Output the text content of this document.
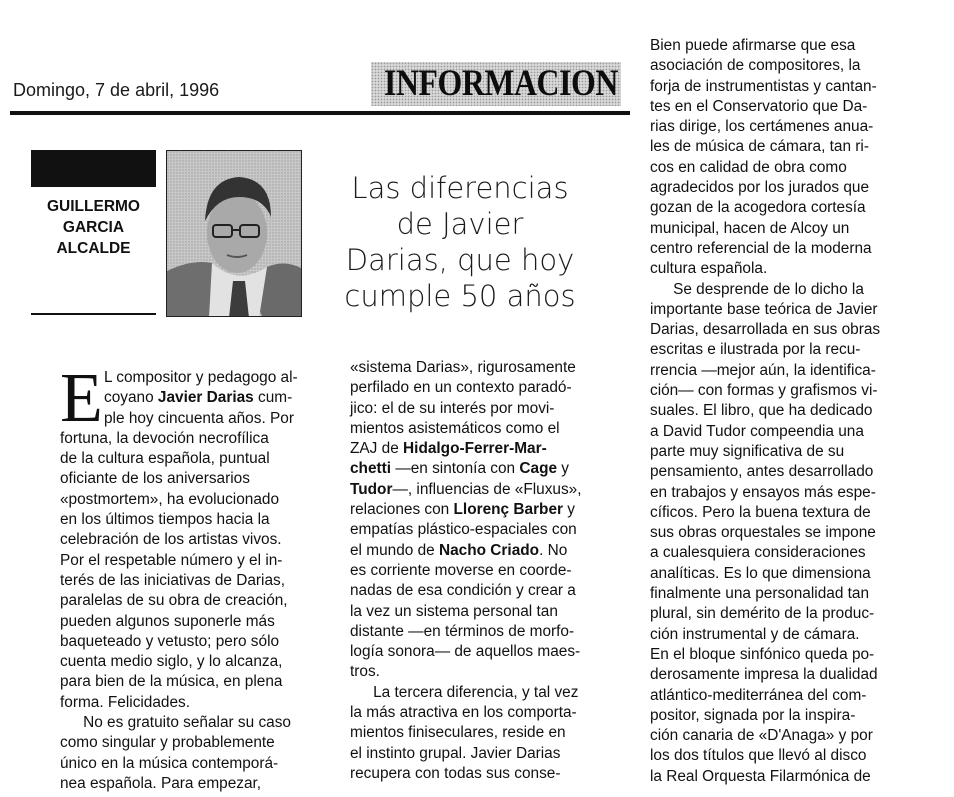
Domingo, 7 de abril, 1996	INFORMACION
GUILLERMO
GARCIA
ALCALDE
Las diferencias
de Javier
Darias, que hoy
cumple 50 años
E L compositor y pedagogo al-
coyano Javier Darias cum-
ple hoy cincuenta años. Por
fortuna, la devoción necrofílica
de la cultura española, puntual
oficiante de los aniversarios
«postmortem», ha evolucionado
en los últimos tiempos hacia la
celebración de los artistas vivos.
Por el respetable número y el in-
terés de las iniciativas de Darias,
paralelas de su obra de creación,
pueden algunos suponerle más
baqueteado y vetusto; pero sólo
cuenta medio siglo, y lo alcanza,
para bien de la música, en plena
forma. Felicidades.
  No es gratuito señalar su caso
como singular y probablemente
único en la música contemporá-
nea española. Para empezar,
«sistema Darias», rigurosamente
perfilado en un contexto paradó-
jico: el de su interés por movi-
mientos asistemáticos como el
ZAJ de Hidalgo-Ferrer-Mar-
chetti —en sintonía con Cage y
Tudor—, influencias de «Fluxus»,
relaciones con Llorenç Barber y
empatías plástico-espaciales con
el mundo de Nacho Criado. No
es corriente moverse en coorde-
nadas de esa condición y crear a
la vez un sistema personal tan
distante —en términos de morfo-
logía sonora— de aquellos maes-
tros.
  La tercera diferencia, y tal vez
la más atractiva en los comporta-
mientos finiseculares, reside en
el instinto grupal. Javier Darias
recupera con todas sus conse-
Bien puede afirmarse que esa
asociación de compositores, la
forja de instrumentistas y cantan-
tes en el Conservatorio que Da-
rias dirige, los certámenes anua-
les de música de cámara, tan ri-
cos en calidad de obra como
agradecidos por los jurados que
gozan de la acogedora cortesía
municipal, hacen de Alcoy un
centro referencial de la moderna
cultura española.
  Se desprende de lo dicho la
importante base teórica de Javier
Darias, desarrollada en sus obras
escritas e ilustrada por la recu-
rrencia —mejor aún, la identifica-
ción— con formas y grafismos vi-
suales. El libro, que ha dedicado
a David Tudor compeendia una
parte muy significativa de su
pensamiento, antes desarrollado
en trabajos y ensayos más espe-
cíficos. Pero la buena textura de
sus obras orquestales se impone
a cualesquiera consideraciones
analíticas. Es lo que dimensiona
finalmente una personalidad tan
plural, sin demérito de la produc-
ción instrumental y de cámara.
En el bloque sinfónico queda po-
derosamente impresa la dualidad
atlántico-mediterránea del com-
positor, signada por la inspira-
ción canaria de «D'Anaga» y por
los dos títulos que llevó al disco
la Real Orquesta Filarmónica de
